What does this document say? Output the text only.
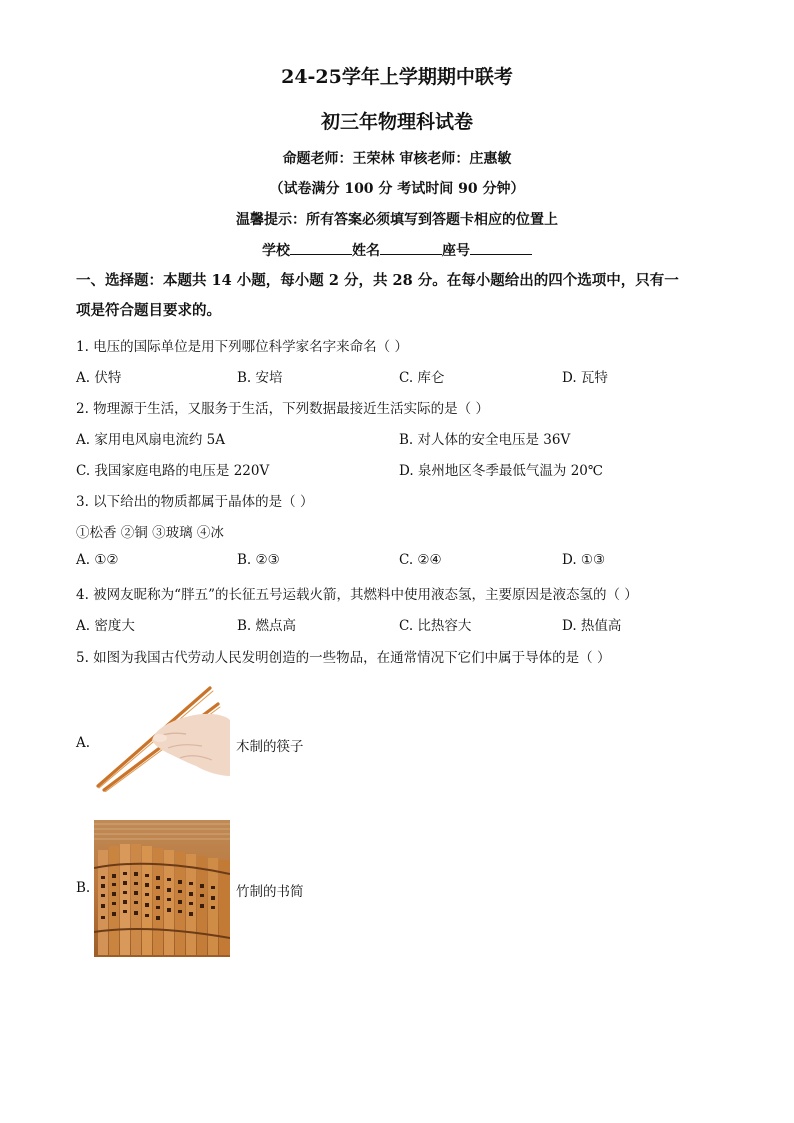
24-25学年上学期期中联考
初三年物理科试卷
命题老师：王荣林 审核老师：庄惠敏
（试卷满分 100 分 考试时间 90 分钟）
温馨提示：所有答案必须填写到答题卡相应的位置上
学校	姓名	座号
一、选择题：本题共 14 小题，每小题 2 分，共 28 分。在每小题给出的四个选项中，只有一
项是符合题目要求的。
1. 电压的国际单位是用下列哪位科学家名字来命名（ ）
A. 伏特	B. 安培	C. 库仑	D. 瓦特
2. 物理源于生活，又服务于生活，下列数据最接近生活实际的是（ ）
A. 家用电风扇电流约 5A	B. 对人体的安全电压是 36V
C. 我国家庭电路的电压是 220V	D. 泉州地区冬季最低气温为 20℃
3. 以下给出的物质都属于晶体的是（ ）
①松香 ②铜 ③玻璃 ④冰
A. ①②	B. ②③	C. ②④	D. ①③
4. 被网友昵称为“胖五”的长征五号运载火箭，其燃料中使用液态氢，主要原因是液态氢的（ ）
A. 密度大	B. 燃点高	C. 比热容大	D. 热值高
5. 如图为我国古代劳动人民发明创造的一些物品，在通常情况下它们中属于导体的是（ ）
A.	木制的筷子
B.	竹制的书简
